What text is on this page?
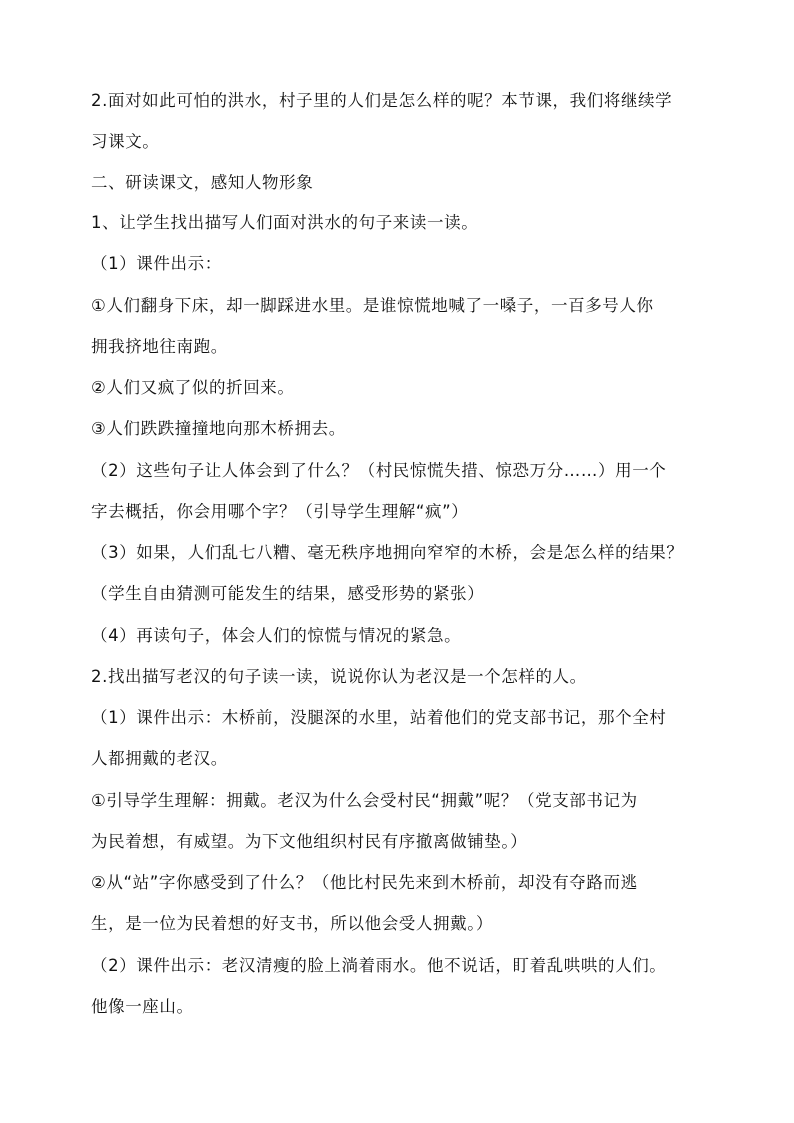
2.面对如此可怕的洪水，村子里的人们是怎么样的呢？本节课，我们将继续学

习课文。

二、研读课文，感知人物形象

1、让学生找出描写人们面对洪水的句子来读一读。

（1）课件出示：

①人们翻身下床，却一脚踩进水里。是谁惊慌地喊了一嗓子，一百多号人你

拥我挤地往南跑。

②人们又疯了似的折回来。

③人们跌跌撞撞地向那木桥拥去。

（2）这些句子让人体会到了什么？（村民惊慌失措、惊恐万分……）用一个

字去概括，你会用哪个字？（引导学生理解“疯”）

（3）如果，人们乱七八糟、毫无秩序地拥向窄窄的木桥，会是怎么样的结果？

（学生自由猜测可能发生的结果，感受形势的紧张）

（4）再读句子，体会人们的惊慌与情况的紧急。

2.找出描写老汉的句子读一读，说说你认为老汉是一个怎样的人。

（1）课件出示：木桥前，没腿深的水里，站着他们的党支部书记，那个全村

人都拥戴的老汉。

①引导学生理解：拥戴。老汉为什么会受村民“拥戴”呢？（党支部书记为

为民着想，有威望。为下文他组织村民有序撤离做铺垫。）

②从“站”字你感受到了什么？（他比村民先来到木桥前，却没有夺路而逃

生，是一位为民着想的好支书，所以他会受人拥戴。）

（2）课件出示：老汉清瘦的脸上淌着雨水。他不说话，盯着乱哄哄的人们。

他像一座山。
